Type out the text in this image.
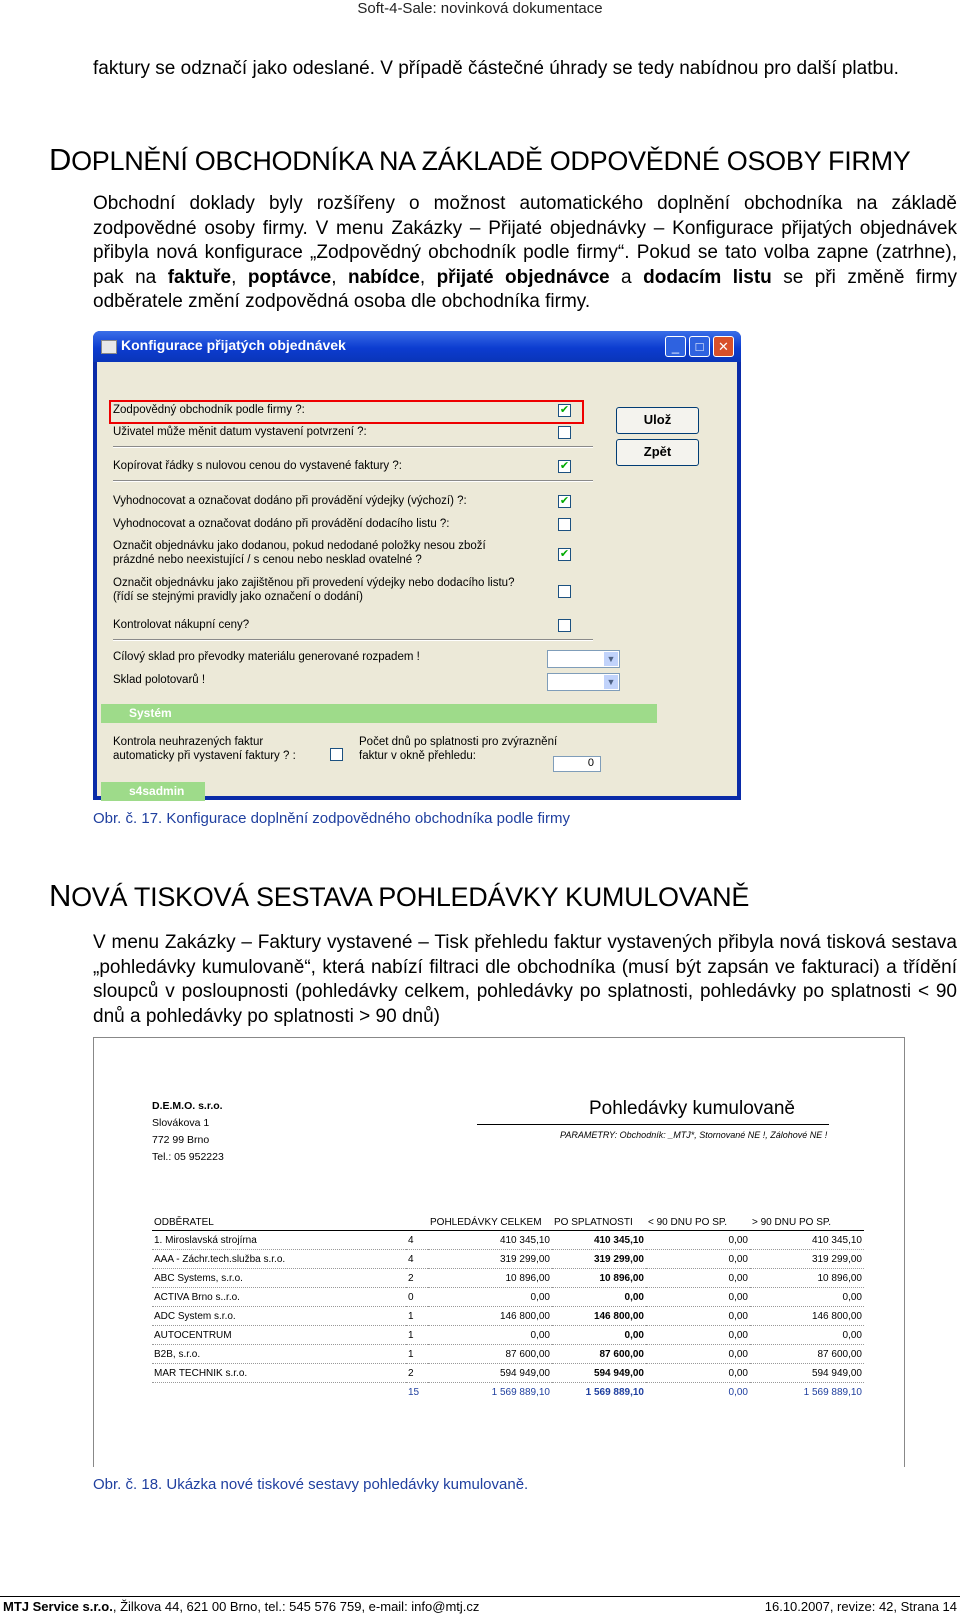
Soft-4-Sale: novinková dokumentace
faktury se odznačí jako odeslané. V případě částečné úhrady se tedy nabídnou pro další platbu.
DOPLNĚNÍ OBCHODNÍKA NA ZÁKLADĚ ODPOVĚDNÉ OSOBY FIRMY
Obchodní doklady byly rozšířeny o možnost automatického doplnění obchodníka na základě zodpovědné osoby firmy. V menu Zakázky – Přijaté objednávky – Konfigurace přijatých objednávek přibyla nová konfigurace „Zodpovědný obchodník podle firmy“. Pokud se tato volba zapne (zatrhne), pak na faktuře, poptávce, nabídce, přijaté objednávce a dodacím listu se při změně firmy odběratele změní zodpovědná osoba dle obchodníka firmy.
Konfigurace přijatých objednávek	_	□	✕
Zodpovědný obchodník podle firmy ?:	✔
Uživatel může měnit datum vystavení potvrzení ?:
Kopírovat řádky s nulovou cenou do vystavené faktury ?:	✔
Vyhodnocovat a označovat dodáno při provádění výdejky (výchozí) ?:	✔
Vyhodnocovat a označovat dodáno při provádění dodacího listu ?:
Označit objednávku jako dodanou, pokud nedodané položky nesou zboží
prázdné nebo neexistující / s cenou nebo nesklad ovatelné ?	✔
Označit objednávku jako zajištěnou při provedení výdejky nebo dodacího listu?
(řídí se stejnými pravidly jako označení o dodání)
Kontrolovat nákupní ceny?
Cílový sklad pro převodky materiálu generované rozpadem !	▼
Sklad polotovarů !	▼
Systém
Kontrola neuhrazených faktur
automaticky při vystavení faktury ? :
Počet dnů po splatnosti pro zvýraznění
faktur v okně přehledu:
0
s4sadmin
Ulož
Zpět
Obr. č. 17. Konfigurace doplnění zodpovědného obchodníka podle firmy
NOVÁ TISKOVÁ SESTAVA POHLEDÁVKY KUMULOVANĚ
V menu Zakázky – Faktury vystavené – Tisk přehledu faktur vystavených přibyla nová tisková sestava „pohledávky kumulovaně“, která nabízí filtraci dle obchodníka (musí být zapsán ve fakturaci) a třídění sloupců v posloupnosti (pohledávky celkem, pohledávky po splatnosti, pohledávky po splatnosti < 90 dnů a pohledávky po splatnosti > 90 dnů)
D.E.M.O. s.r.o.
Slovákova 1
772 99 Brno
Tel.: 05 952223
Pohledávky kumulovaně
PARAMETRY: Obchodník: _MTJ*, Stornované NE !, Zálohové NE !
ODBĚRATEL		POHLEDÁVKY CELKEM	PO SPLATNOSTI	< 90 DNU PO SP.	> 90 DNU PO SP.
1. Miroslavská strojírna	4	410 345,10	410 345,10	0,00	410 345,10
AAA - Záchr.tech.služba s.r.o.	4	319 299,00	319 299,00	0,00	319 299,00
ABC Systems, s.r.o.	2	10 896,00	10 896,00	0,00	10 896,00
ACTIVA Brno s..r.o.	0	0,00	0,00	0,00	0,00
ADC System s.r.o.	1	146 800,00	146 800,00	0,00	146 800,00
AUTOCENTRUM	1	0,00	0,00	0,00	0,00
B2B, s.r.o.	1	87 600,00	87 600,00	0,00	87 600,00
MAR TECHNIK s.r.o.	2	594 949,00	594 949,00	0,00	594 949,00
	15	1 569 889,10	1 569 889,10	0,00	1 569 889,10
Obr. č. 18. Ukázka nové tiskové sestavy pohledávky kumulovaně.
MTJ Service s.r.o., Žilkova 44, 621 00 Brno, tel.: 545 576 759, e-mail: info@mtj.cz	16.10.2007, revize: 42, Strana 14
